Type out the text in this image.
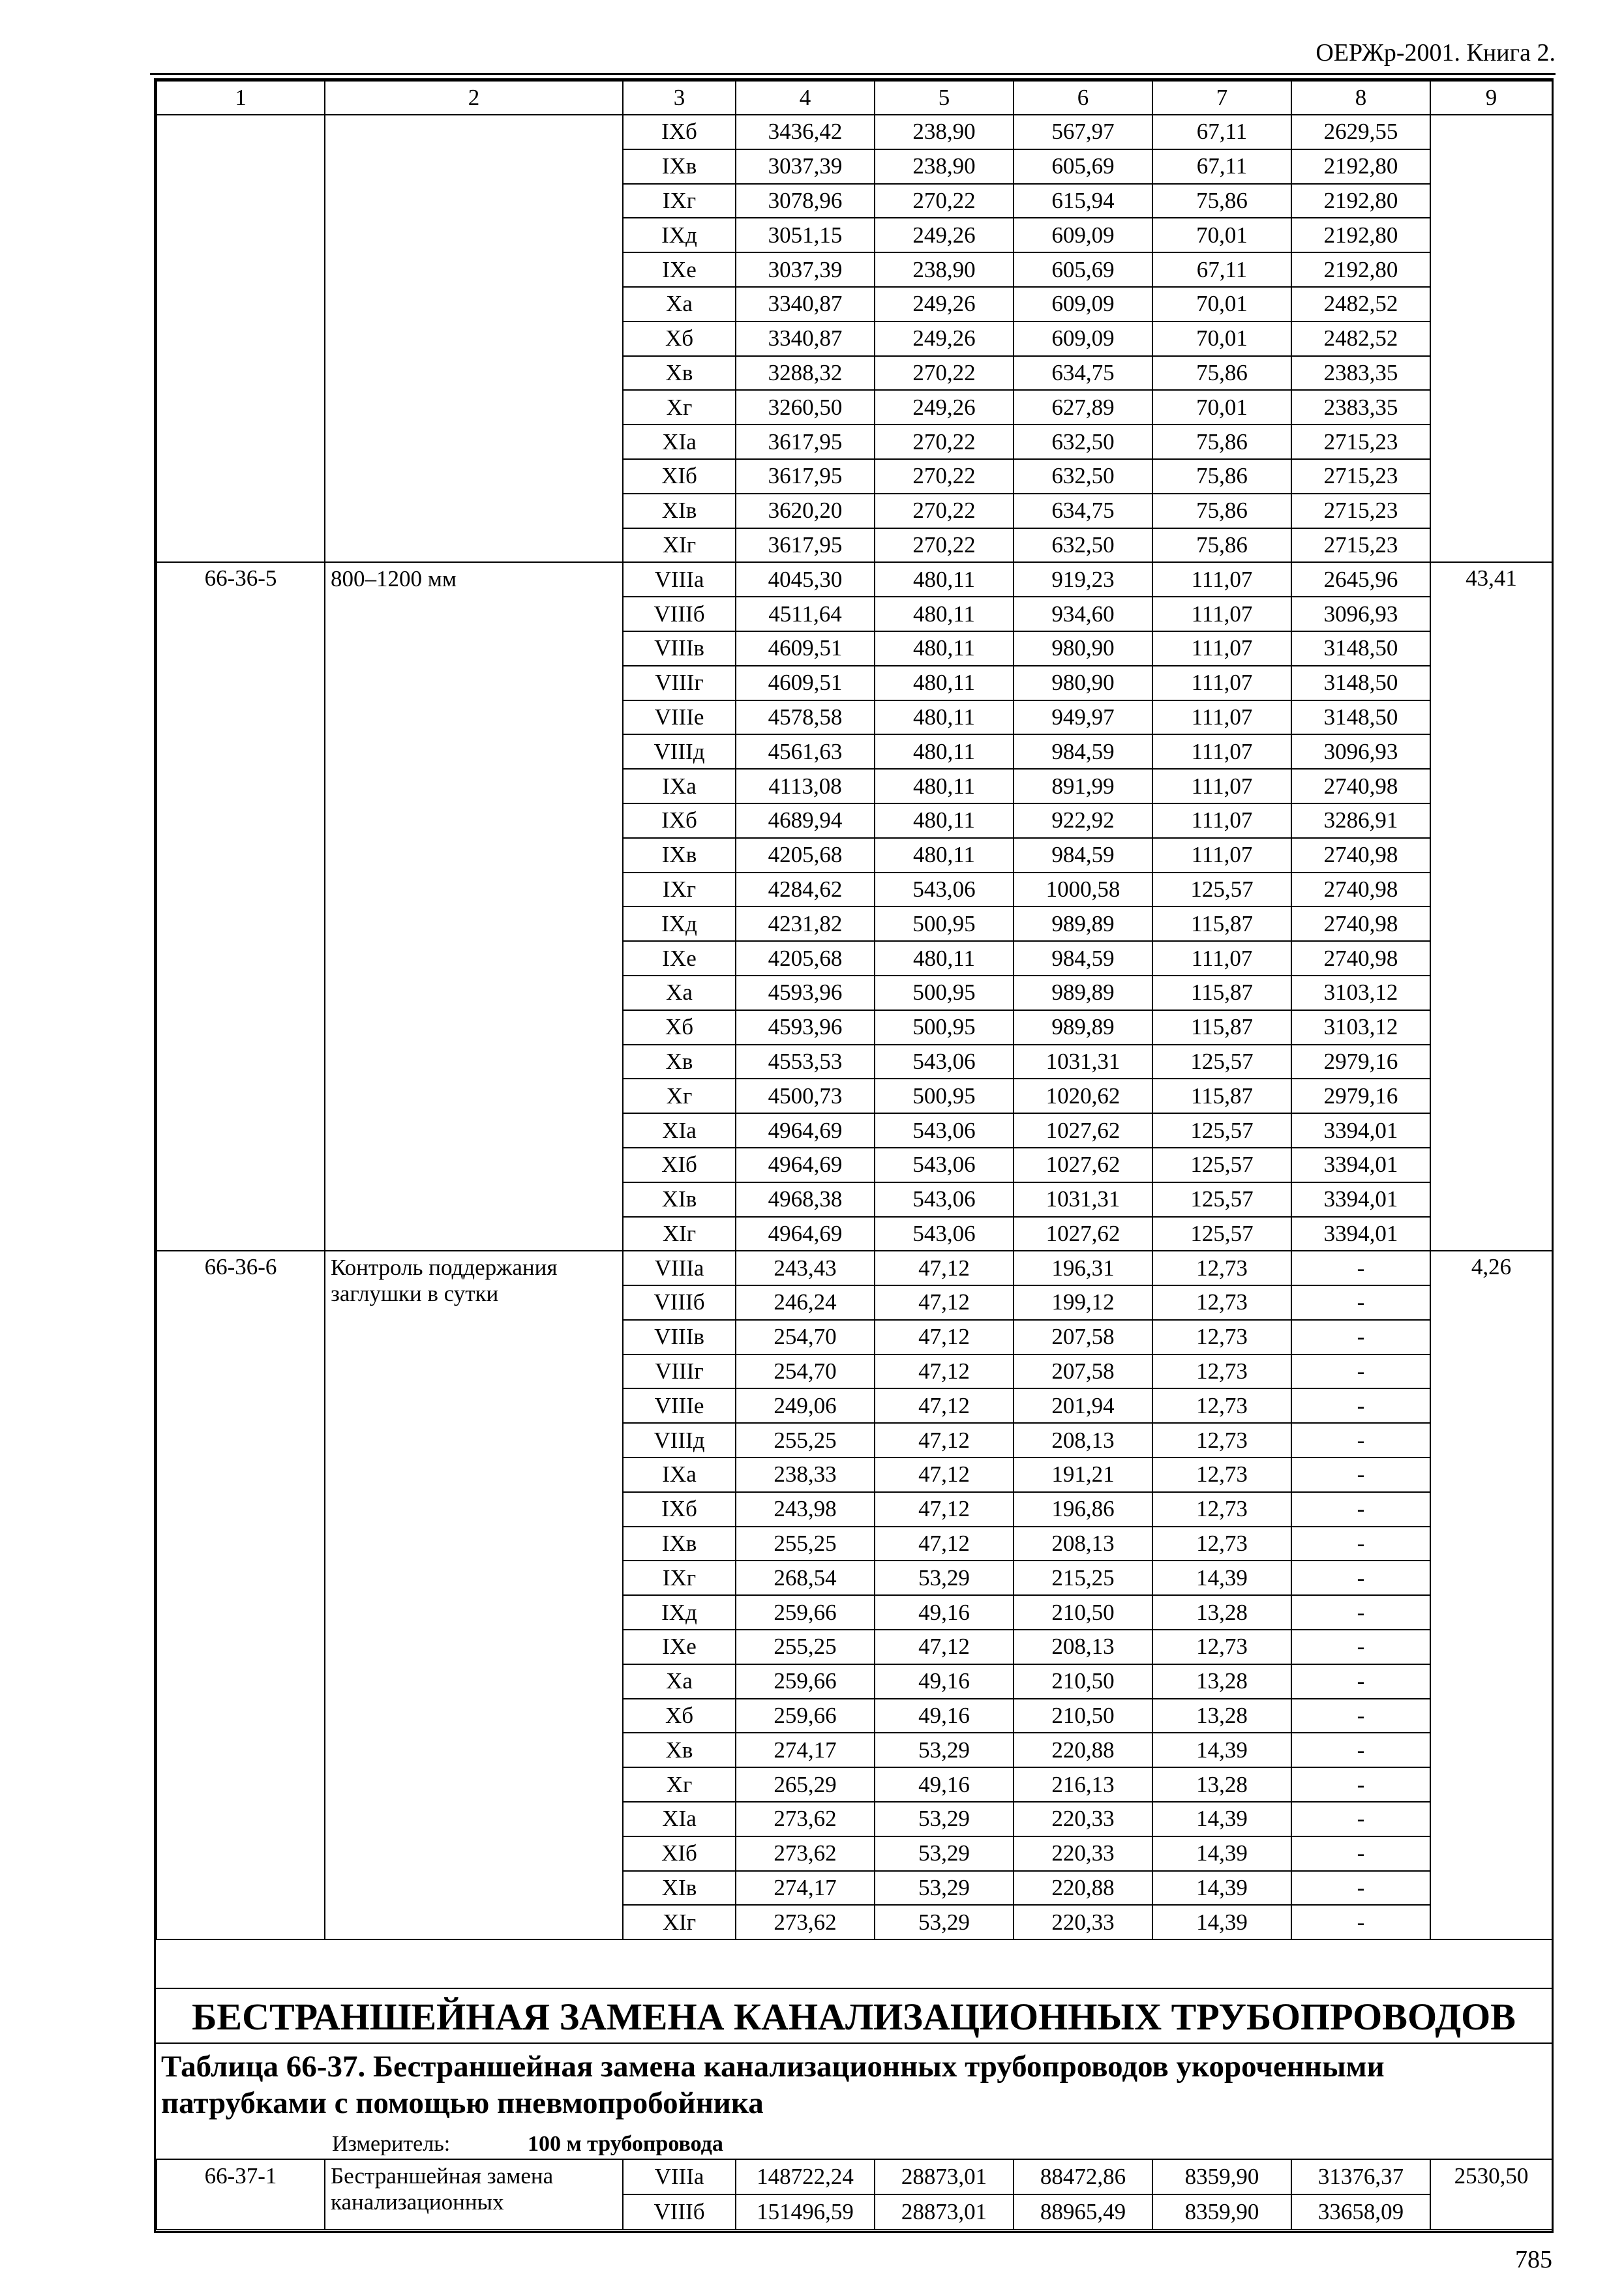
ОЕРЖр-2001. Книга 2.
1	2	3	4	5	6	7	8	9
		IXб	3436,42	238,90	567,97	67,11	2629,55	
		IXв	3037,39	238,90	605,69	67,11	2192,80	
		IXг	3078,96	270,22	615,94	75,86	2192,80	
		IXд	3051,15	249,26	609,09	70,01	2192,80	
		IXе	3037,39	238,90	605,69	67,11	2192,80	
		Xа	3340,87	249,26	609,09	70,01	2482,52	
		Xб	3340,87	249,26	609,09	70,01	2482,52	
		Xв	3288,32	270,22	634,75	75,86	2383,35	
		Xг	3260,50	249,26	627,89	70,01	2383,35	
		XIа	3617,95	270,22	632,50	75,86	2715,23	
		XIб	3617,95	270,22	632,50	75,86	2715,23	
		XIв	3620,20	270,22	634,75	75,86	2715,23	
		XIг	3617,95	270,22	632,50	75,86	2715,23	
66-36-5	800–1200 мм	VIIIа	4045,30	480,11	919,23	111,07	2645,96	43,41
		VIIIб	4511,64	480,11	934,60	111,07	3096,93	
		VIIIв	4609,51	480,11	980,90	111,07	3148,50	
		VIIIг	4609,51	480,11	980,90	111,07	3148,50	
		VIIIе	4578,58	480,11	949,97	111,07	3148,50	
		VIIIд	4561,63	480,11	984,59	111,07	3096,93	
		IXа	4113,08	480,11	891,99	111,07	2740,98	
		IXб	4689,94	480,11	922,92	111,07	3286,91	
		IXв	4205,68	480,11	984,59	111,07	2740,98	
		IXг	4284,62	543,06	1000,58	125,57	2740,98	
		IXд	4231,82	500,95	989,89	115,87	2740,98	
		IXе	4205,68	480,11	984,59	111,07	2740,98	
		Xа	4593,96	500,95	989,89	115,87	3103,12	
		Xб	4593,96	500,95	989,89	115,87	3103,12	
		Xв	4553,53	543,06	1031,31	125,57	2979,16	
		Xг	4500,73	500,95	1020,62	115,87	2979,16	
		XIа	4964,69	543,06	1027,62	125,57	3394,01	
		XIб	4964,69	543,06	1027,62	125,57	3394,01	
		XIв	4968,38	543,06	1031,31	125,57	3394,01	
		XIг	4964,69	543,06	1027,62	125,57	3394,01	
66-36-6	Контроль поддержания заглушки в сутки	VIIIа	243,43	47,12	196,31	12,73	-	4,26
		VIIIб	246,24	47,12	199,12	12,73	-	
		VIIIв	254,70	47,12	207,58	12,73	-	
		VIIIг	254,70	47,12	207,58	12,73	-	
		VIIIе	249,06	47,12	201,94	12,73	-	
		VIIIд	255,25	47,12	208,13	12,73	-	
		IXа	238,33	47,12	191,21	12,73	-	
		IXб	243,98	47,12	196,86	12,73	-	
		IXв	255,25	47,12	208,13	12,73	-	
		IXг	268,54	53,29	215,25	14,39	-	
		IXд	259,66	49,16	210,50	13,28	-	
		IXе	255,25	47,12	208,13	12,73	-	
		Xа	259,66	49,16	210,50	13,28	-	
		Xб	259,66	49,16	210,50	13,28	-	
		Xв	274,17	53,29	220,88	14,39	-	
		Xг	265,29	49,16	216,13	13,28	-	
		XIа	273,62	53,29	220,33	14,39	-	
		XIб	273,62	53,29	220,33	14,39	-	
		XIв	274,17	53,29	220,88	14,39	-	
		XIг	273,62	53,29	220,33	14,39	-	
БЕСТРАНШЕЙНАЯ ЗАМЕНА КАНАЛИЗАЦИОННЫХ ТРУБОПРОВОДОВ
Таблица 66-37. Бестраншейная замена канализационных трубопроводов укороченными патрубками с помощью пневмопробойника
Измеритель:	100 м трубопровода
66-37-1	Бестраншейная замена канализационных	VIIIа	148722,24	28873,01	88472,86	8359,90	31376,37	2530,50
		VIIIб	151496,59	28873,01	88965,49	8359,90	33658,09	
785
